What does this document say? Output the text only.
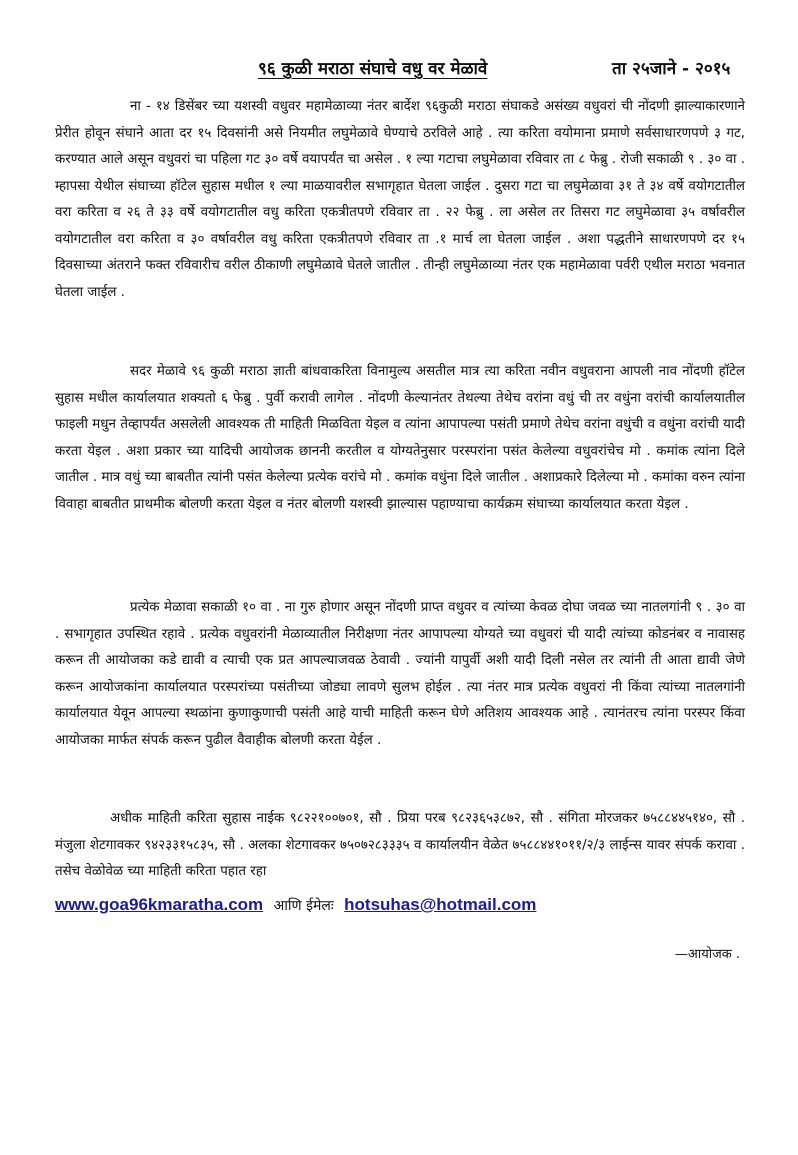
९६ कुळी मराठा संघाचे वधु वर मेळावे	ता २५जाने - २०१५

ना - १४ डिसेंबर च्या यशस्वी वधुवर महामेळाव्या नंतर बार्देश ९६कुळी मराठा संघाकडे असंख्य वधुवरां ची नोंदणी झाल्याकारणाने प्रेरीत होवून संघाने आता दर १५ दिवसांनी असे नियमीत लघुमेळावे घेण्याचे ठरविले आहे . त्या करिता वयोमाना प्रमाणे सर्वसाधारणपणे ३ गट, करण्यात आले असून वधुवरां चा पहिला गट ३० वर्षे वयापर्यंत चा असेल . १ ल्या गटाचा लघुमेळावा रविवार ता ८ फेब्रु . रोजी सकाळी ९ . ३० वा . म्हापसा येथील संघाच्या हॉटेल सुहास मधील १ ल्या माळयावरील सभागृहात घेतला जाईल . दुसरा गटा चा लघुमेळावा ३१ ते ३४ वर्षे वयोगटातील वरा करिता व २६ ते ३३ वर्षे वयोगटातील वधु करिता एकत्रीतपणे रविवार ता . २२ फेब्रु . ला असेल तर तिसरा गट लघुमेळावा ३५ वर्षावरील वयोगटातील वरा करिता व ३० वर्षावरील वधु करिता एकत्रीतपणे रविवार ता .१ मार्च ला घेतला जाईल . अशा पद्धतीने साधारणपणे दर १५ दिवसाच्या अंतराने फक्त रविवारीच वरील ठीकाणी लघुमेळावे घेतले जातील . तीन्ही लघुमेळाव्या नंतर एक महामेळावा पर्वरी एथील मराठा भवनात घेतला जाईल .

सदर मेळावे ९६ कुळी मराठा ज्ञाती बांधवाकरिता विनामुल्य असतील मात्र त्या करिता नवीन वधुवराना आपली नाव नोंदणी हॉटेल सुहास मधील कार्यालयात शक्यतो ६ फेब्रु . पुर्वी करावी लागेल . नोंदणी केल्यानंतर तेथल्या तेथेच वरांना वधुं ची तर वधुंना वरांची कार्यालयातील फाइली मधुन तेव्हापर्यंत असलेली आवश्यक ती माहिती मिळविता येइल व त्यांना आपापल्या पसंती प्रमाणे तेथेच वरांना वधुंची व वधुंना वरांची यादी करता येइल . अशा प्रकार च्या यादिची आयोजक छाननी करतील व योग्यतेनुसार परस्परांना पसंत केलेल्या वधुवरांचेच मो . कमांक त्यांना दिले जातील . मात्र वधुं च्या बाबतीत त्यांनी पसंत केलेल्या प्रत्येक वरांचे मो . कमांक वधुंना दिले जातील . अशाप्रकारे दिलेल्या मो . कमांका वरुन त्यांना विवाहा बाबतीत प्राथमीक बोलणी करता येइल व नंतर बोलणी यशस्वी झाल्यास पहाण्याचा कार्यक्रम संघाच्या कार्यालयात करता येइल .

प्रत्येक मेळावा सकाळी १० वा . ना गुरु होणार असून नोंदणी प्राप्त वधुवर व त्यांच्या केवळ दोघा जवळ च्या नातलगांनी ९ . ३० वा . सभागृहात उपस्थित रहावे . प्रत्येक वधुवरांनी मेळाव्यातील निरीक्षणा नंतर आपापल्या योग्यते च्या वधुवरां ची यादी त्यांच्या कोडनंबर व नावासह करून ती आयोजका कडे द्यावी व त्याची एक प्रत आपल्याजवळ ठेवावी . ज्यांनी यापुर्वी अशी यादी दिली नसेल तर त्यांनी ती आता द्यावी जेणे करून आयोजकांना कार्यालयात परस्परांच्या पसंतीच्या जोड्या लावणे सुलभ होईल . त्या नंतर मात्र प्रत्येक वधुवरां नी किंवा त्यांच्या नातलगांनी कार्यालयात येवून आपल्या स्थळांना कुणाकुणाची पसंती आहे याची माहिती करून घेणे अतिशय आवश्यक आहे . त्यानंतरच त्यांना परस्पर किंवा आयोजका मार्फत संपर्क करून पुढील वैवाहीक बोलणी करता येईल .

अधीक माहिती करिता सुहास नाईक ९८२२१००७०१, सौ . प्रिया परब ९८२३६५३८७२, सौ . संगिता मोरजकर ७५८८४४५१४०, सौ . मंजुला शेटगावकर ९४२३३१५८३५, सौ . अलका शेटगावकर ७५०७२८३३३५ व कार्यालयीन वेळेत ७५८८४४१०११/२/३ लाईन्स यावर संपर्क करावा . तसेच वेळोवेळ च्या माहिती करिता पहात रहा

www.goa96kmaratha.com आणि ईमेलः hotsuhas@hotmail.com
—आयोजक .
